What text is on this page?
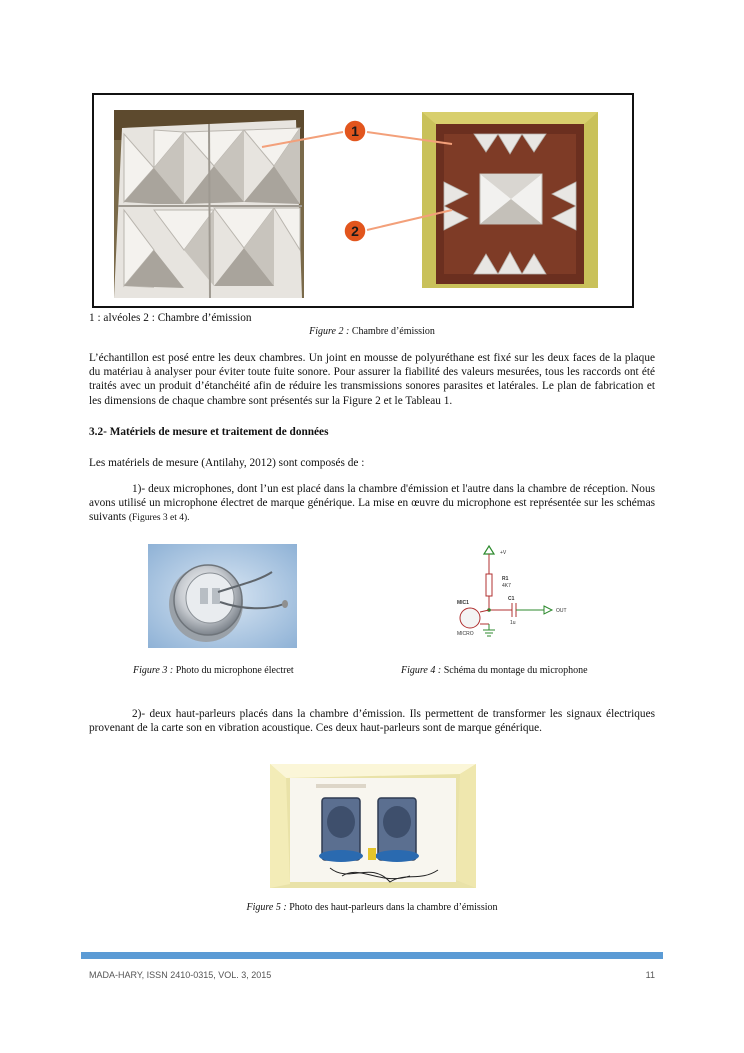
1
2
1 : alvéoles 2 : Chambre d’émission
Figure 2 : Chambre d’émission
L’échantillon est posé entre les deux chambres. Un joint en mousse de polyuréthane est fixé sur les deux faces de la plaque du matériau à analyser pour éviter toute fuite sonore. Pour assurer la fiabilité des valeurs mesurées, tous les raccords ont été traités avec un produit d’étanchéité afin de réduire les transmissions sonores parasites et latérales. Le plan de fabrication et les dimensions de chaque chambre sont présentés sur la Figure 2 et le Tableau 1.
3.2- Matériels de mesure et traitement de données
Les matériels de mesure (Antilahy, 2012) sont composés de :
1)- deux microphones, dont l’un est placé dans la chambre d'émission et l'autre dans la chambre de réception. Nous avons utilisé un microphone électret de marque générique. La mise en œuvre du microphone est représentée sur les schémas suivants (Figures 3 et 4).
+V
R1
4K7
C1
1u
OUT
MIC1
MICRO
Figure 3 : Photo du microphone électret	Figure 4 : Schéma du montage du microphone
2)- deux haut-parleurs placés dans la chambre d’émission. Ils permettent de transformer les signaux électriques provenant de la carte son en vibration acoustique. Ces deux haut-parleurs sont de marque générique.
Figure 5 : Photo des haut-parleurs dans la chambre d’émission
MADA-HARY, ISSN 2410-0315, VOL. 3, 2015	11
